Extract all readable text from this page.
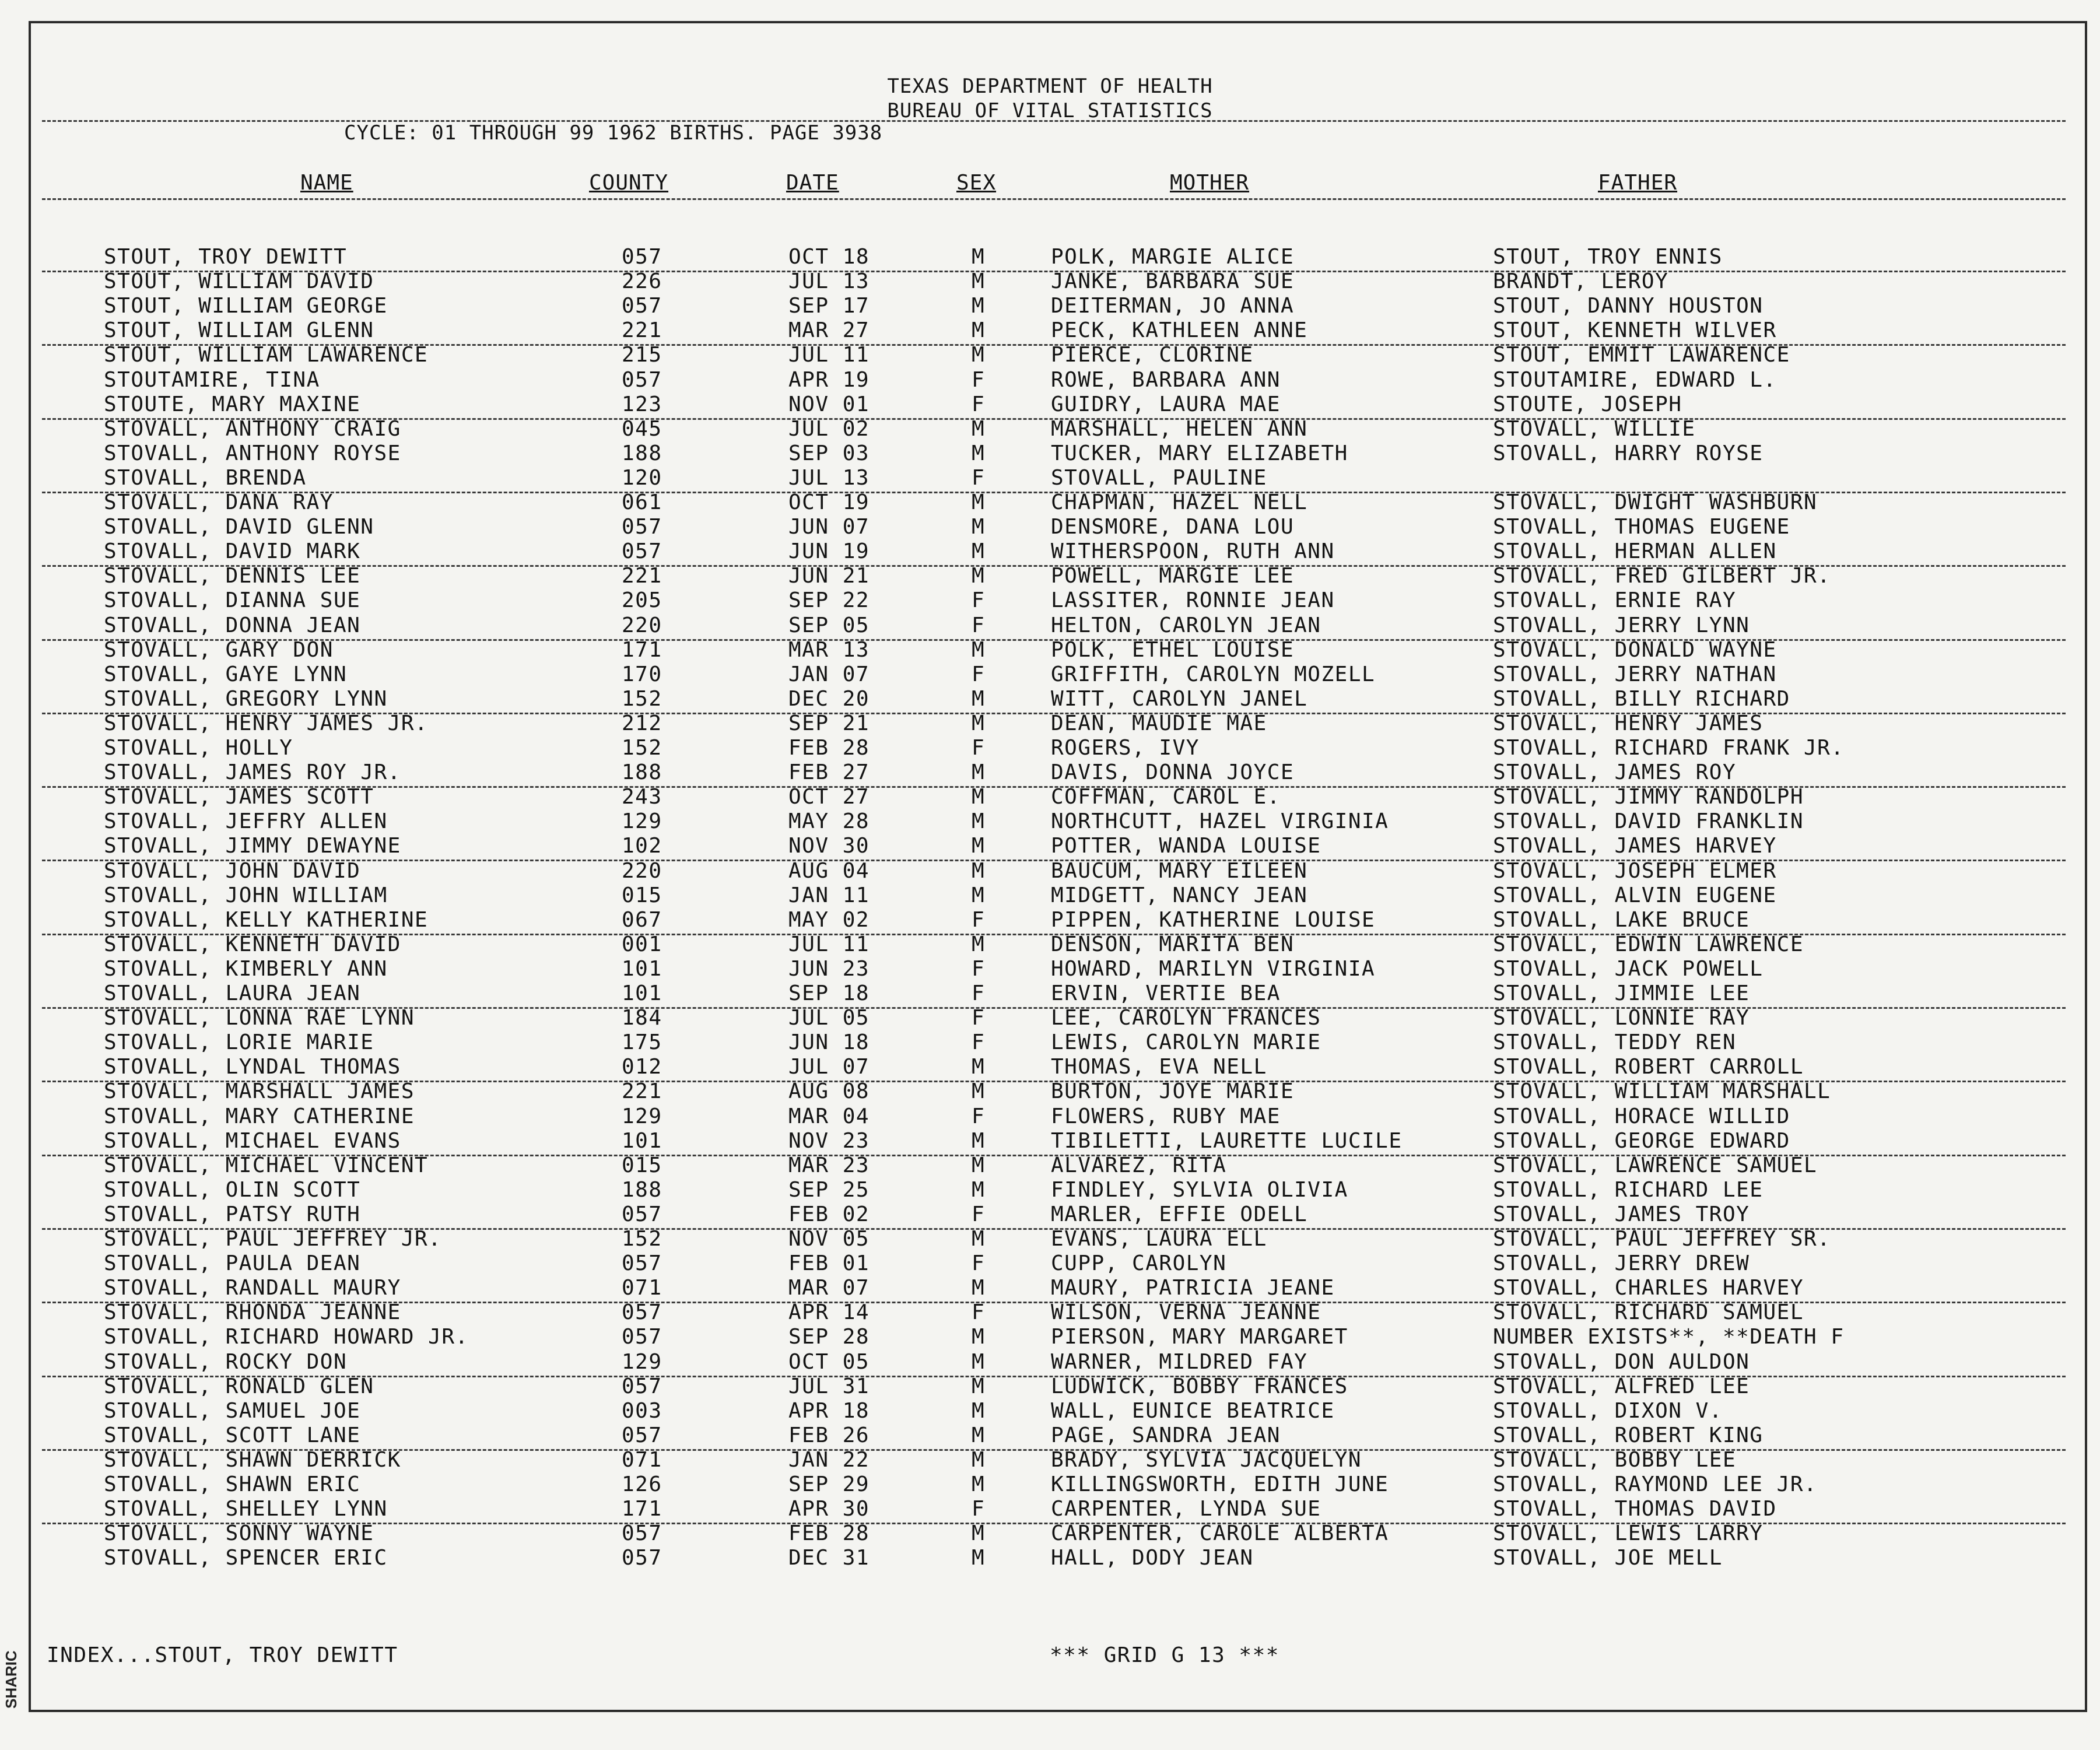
TEXAS DEPARTMENT OF HEALTH
BUREAU OF VITAL STATISTICS
CYCLE: 01 THROUGH 99 1962 BIRTHS. PAGE 3938
NAME	COUNTY	DATE	SEX	MOTHER	FATHER
STOUT, TROY DEWITT	057	OCT 18	M	POLK, MARGIE ALICE	STOUT, TROY ENNIS
STOUT, WILLIAM DAVID	226	JUL 13	M	JANKE, BARBARA SUE	BRANDT, LEROY
STOUT, WILLIAM GEORGE	057	SEP 17	M	DEITERMAN, JO ANNA	STOUT, DANNY HOUSTON
STOUT, WILLIAM GLENN	221	MAR 27	M	PECK, KATHLEEN ANNE	STOUT, KENNETH WILVER
STOUT, WILLIAM LAWARENCE	215	JUL 11	M	PIERCE, CLORINE	STOUT, EMMIT LAWARENCE
STOUTAMIRE, TINA	057	APR 19	F	ROWE, BARBARA ANN	STOUTAMIRE, EDWARD L.
STOUTE, MARY MAXINE	123	NOV 01	F	GUIDRY, LAURA MAE	STOUTE, JOSEPH
STOVALL, ANTHONY CRAIG	045	JUL 02	M	MARSHALL, HELEN ANN	STOVALL, WILLIE
STOVALL, ANTHONY ROYSE	188	SEP 03	M	TUCKER, MARY ELIZABETH	STOVALL, HARRY ROYSE
STOVALL, BRENDA	120	JUL 13	F	STOVALL, PAULINE
STOVALL, DANA RAY	061	OCT 19	M	CHAPMAN, HAZEL NELL	STOVALL, DWIGHT WASHBURN
STOVALL, DAVID GLENN	057	JUN 07	M	DENSMORE, DANA LOU	STOVALL, THOMAS EUGENE
STOVALL, DAVID MARK	057	JUN 19	M	WITHERSPOON, RUTH ANN	STOVALL, HERMAN ALLEN
STOVALL, DENNIS LEE	221	JUN 21	M	POWELL, MARGIE LEE	STOVALL, FRED GILBERT JR.
STOVALL, DIANNA SUE	205	SEP 22	F	LASSITER, RONNIE JEAN	STOVALL, ERNIE RAY
STOVALL, DONNA JEAN	220	SEP 05	F	HELTON, CAROLYN JEAN	STOVALL, JERRY LYNN
STOVALL, GARY DON	171	MAR 13	M	POLK, ETHEL LOUISE	STOVALL, DONALD WAYNE
STOVALL, GAYE LYNN	170	JAN 07	F	GRIFFITH, CAROLYN MOZELL	STOVALL, JERRY NATHAN
STOVALL, GREGORY LYNN	152	DEC 20	M	WITT, CAROLYN JANEL	STOVALL, BILLY RICHARD
STOVALL, HENRY JAMES JR.	212	SEP 21	M	DEAN, MAUDIE MAE	STOVALL, HENRY JAMES
STOVALL, HOLLY	152	FEB 28	F	ROGERS, IVY	STOVALL, RICHARD FRANK JR.
STOVALL, JAMES ROY JR.	188	FEB 27	M	DAVIS, DONNA JOYCE	STOVALL, JAMES ROY
STOVALL, JAMES SCOTT	243	OCT 27	M	COFFMAN, CAROL E.	STOVALL, JIMMY RANDOLPH
STOVALL, JEFFRY ALLEN	129	MAY 28	M	NORTHCUTT, HAZEL VIRGINIA	STOVALL, DAVID FRANKLIN
STOVALL, JIMMY DEWAYNE	102	NOV 30	M	POTTER, WANDA LOUISE	STOVALL, JAMES HARVEY
STOVALL, JOHN DAVID	220	AUG 04	M	BAUCUM, MARY EILEEN	STOVALL, JOSEPH ELMER
STOVALL, JOHN WILLIAM	015	JAN 11	M	MIDGETT, NANCY JEAN	STOVALL, ALVIN EUGENE
STOVALL, KELLY KATHERINE	067	MAY 02	F	PIPPEN, KATHERINE LOUISE	STOVALL, LAKE BRUCE
STOVALL, KENNETH DAVID	001	JUL 11	M	DENSON, MARITA BEN	STOVALL, EDWIN LAWRENCE
STOVALL, KIMBERLY ANN	101	JUN 23	F	HOWARD, MARILYN VIRGINIA	STOVALL, JACK POWELL
STOVALL, LAURA JEAN	101	SEP 18	F	ERVIN, VERTIE BEA	STOVALL, JIMMIE LEE
STOVALL, LONNA RAE LYNN	184	JUL 05	F	LEE, CAROLYN FRANCES	STOVALL, LONNIE RAY
STOVALL, LORIE MARIE	175	JUN 18	F	LEWIS, CAROLYN MARIE	STOVALL, TEDDY REN
STOVALL, LYNDAL THOMAS	012	JUL 07	M	THOMAS, EVA NELL	STOVALL, ROBERT CARROLL
STOVALL, MARSHALL JAMES	221	AUG 08	M	BURTON, JOYE MARIE	STOVALL, WILLIAM MARSHALL
STOVALL, MARY CATHERINE	129	MAR 04	F	FLOWERS, RUBY MAE	STOVALL, HORACE WILLID
STOVALL, MICHAEL EVANS	101	NOV 23	M	TIBILETTI, LAURETTE LUCILE	STOVALL, GEORGE EDWARD
STOVALL, MICHAEL VINCENT	015	MAR 23	M	ALVAREZ, RITA	STOVALL, LAWRENCE SAMUEL
STOVALL, OLIN SCOTT	188	SEP 25	M	FINDLEY, SYLVIA OLIVIA	STOVALL, RICHARD LEE
STOVALL, PATSY RUTH	057	FEB 02	F	MARLER, EFFIE ODELL	STOVALL, JAMES TROY
STOVALL, PAUL JEFFREY JR.	152	NOV 05	M	EVANS, LAURA ELL	STOVALL, PAUL JEFFREY SR.
STOVALL, PAULA DEAN	057	FEB 01	F	CUPP, CAROLYN	STOVALL, JERRY DREW
STOVALL, RANDALL MAURY	071	MAR 07	M	MAURY, PATRICIA JEANE	STOVALL, CHARLES HARVEY
STOVALL, RHONDA JEANNE	057	APR 14	F	WILSON, VERNA JEANNE	STOVALL, RICHARD SAMUEL
STOVALL, RICHARD HOWARD JR.	057	SEP 28	M	PIERSON, MARY MARGARET	NUMBER EXISTS**, **DEATH F
STOVALL, ROCKY DON	129	OCT 05	M	WARNER, MILDRED FAY	STOVALL, DON AULDON
STOVALL, RONALD GLEN	057	JUL 31	M	LUDWICK, BOBBY FRANCES	STOVALL, ALFRED LEE
STOVALL, SAMUEL JOE	003	APR 18	M	WALL, EUNICE BEATRICE	STOVALL, DIXON V.
STOVALL, SCOTT LANE	057	FEB 26	M	PAGE, SANDRA JEAN	STOVALL, ROBERT KING
STOVALL, SHAWN DERRICK	071	JAN 22	M	BRADY, SYLVIA JACQUELYN	STOVALL, BOBBY LEE
STOVALL, SHAWN ERIC	126	SEP 29	M	KILLINGSWORTH, EDITH JUNE	STOVALL, RAYMOND LEE JR.
STOVALL, SHELLEY LYNN	171	APR 30	F	CARPENTER, LYNDA SUE	STOVALL, THOMAS DAVID
STOVALL, SONNY WAYNE	057	FEB 28	M	CARPENTER, CAROLE ALBERTA	STOVALL, LEWIS LARRY
STOVALL, SPENCER ERIC	057	DEC 31	M	HALL, DODY JEAN	STOVALL, JOE MELL
INDEX...STOUT, TROY DEWITT	*** GRID G 13 ***
SHARIC
